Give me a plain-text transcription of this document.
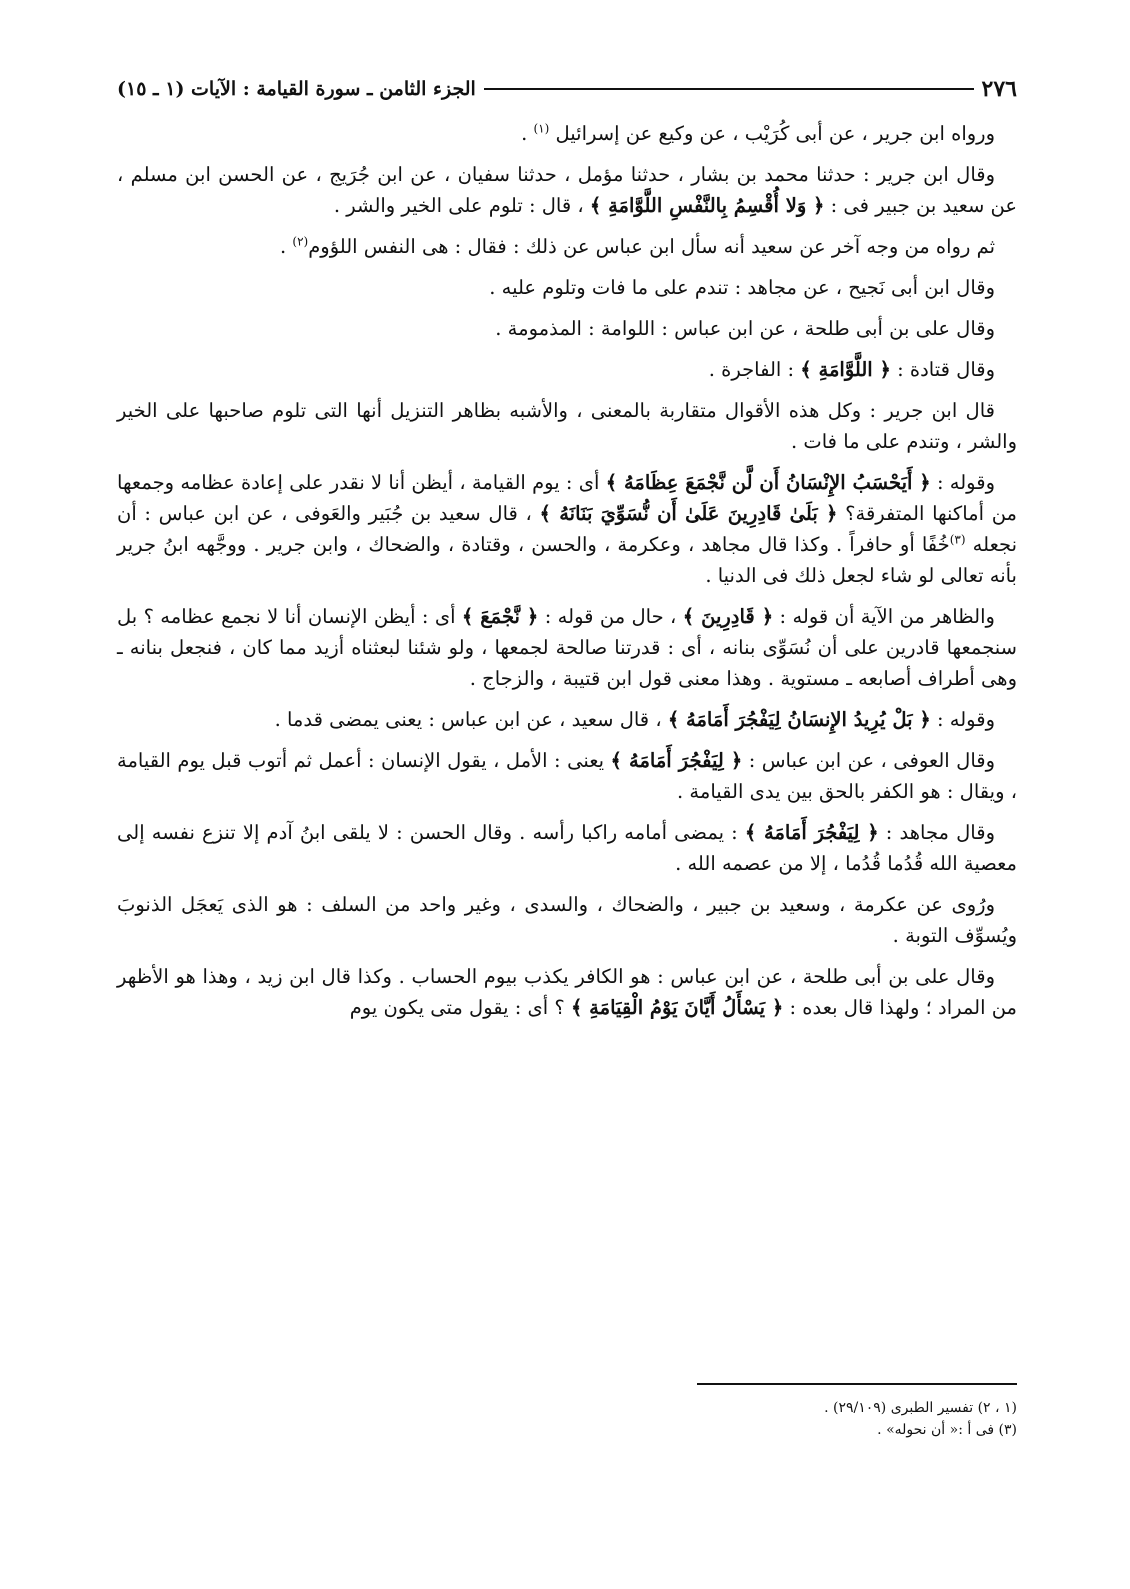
٢٧٦
الجزء الثامن ـ سورة القيامة : الآيات (١ ـ ١٥)

ورواه ابن جرير ، عن أبى كُرَيْب ، عن وكيع عن إسرائيل $^{(١)}$ .

وقال ابن جرير : حدثنا محمد بن بشار ، حدثنا مؤمل ، حدثنا سفيان ، عن ابن جُرَيج ، عن الحسن ابن مسلم ، عن سعيد بن جبير فى : ﴿ وَلا أُقْسِمُ بِالنَّفْسِ اللَّوَّامَةِ ﴾ ، قال : تلوم على الخير والشر .

ثم رواه من وجه آخر عن سعيد أنه سأل ابن عباس عن ذلك : فقال : هى النفس اللؤوم$^{(٢)}$ .

وقال ابن أبى نَجيح ، عن مجاهد : تندم على ما فات وتلوم عليه .

وقال على بن أبى طلحة ، عن ابن عباس : اللوامة : المذمومة .

وقال قتادة : ﴿ اللَّوَّامَةِ ﴾ : الفاجرة .

قال ابن جرير : وكل هذه الأقوال متقاربة بالمعنى ، والأشبه بظاهر التنزيل أنها التى تلوم صاحبها على الخير والشر ، وتندم على ما فات .

وقوله : ﴿ أَيَحْسَبُ الإِنْسَانُ أَن لَّن نَّجْمَعَ عِظَامَهُ ﴾ أى : يوم القيامة ، أيظن أنا لا نقدر على إعادة عظامه وجمعها من أماكنها المتفرقة؟ ﴿ بَلَىٰ قَادِرِينَ عَلَىٰ أَن نُّسَوِّيَ بَنَانَهُ ﴾ ، قال سعيد بن جُبَير والعَوفى ، عن ابن عباس : أن نجعله $^{(٣)}$خُفًا أو حافراً . وكذا قال مجاهد ، وعكرمة ، والحسن ، وقتادة ، والضحاك ، وابن جرير . ووجَّهه ابنُ جرير بأنه تعالى لو شاء لجعل ذلك فى الدنيا .

والظاهر من الآية أن قوله : ﴿ قَادِرِينَ ﴾ ، حال من قوله : ﴿ نَّجْمَعَ ﴾ أى : أيظن الإنسان أنا لا نجمع عظامه ؟ بل سنجمعها قادرين على أن نُسَوِّى بنانه ، أى : قدرتنا صالحة لجمعها ، ولو شئنا لبعثناه أزيد مما كان ، فنجعل بنانه ـ وهى أطراف أصابعه ـ مستوية . وهذا معنى قول ابن قتيبة ، والزجاج .

وقوله : ﴿ بَلْ يُرِيدُ الإِنسَانُ لِيَفْجُرَ أَمَامَهُ ﴾ ، قال سعيد ، عن ابن عباس : يعنى يمضى قدما .

وقال العوفى ، عن ابن عباس : ﴿ لِيَفْجُرَ أَمَامَهُ ﴾ يعنى : الأمل ، يقول الإنسان : أعمل ثم أتوب قبل يوم القيامة ، ويقال : هو الكفر بالحق بين يدى القيامة .

وقال مجاهد : ﴿ لِيَفْجُرَ أَمَامَهُ ﴾ : يمضى أمامه راكبا رأسه . وقال الحسن : لا يلقى ابنُ آدم إلا تنزع نفسه إلى معصية الله قُدُما قُدُما ، إلا من عصمه الله .

ورُوى عن عكرمة ، وسعيد بن جبير ، والضحاك ، والسدى ، وغير واحد من السلف : هو الذى يَعجَل الذنوبَ ويُسوِّف التوبة .

وقال على بن أبى طلحة ، عن ابن عباس : هو الكافر يكذب بيوم الحساب . وكذا قال ابن زيد ، وهذا هو الأظهر من المراد ؛ ولهذا قال بعده : ﴿ يَسْأَلُ أَيَّانَ يَوْمُ الْقِيَامَةِ ﴾ ؟ أى : يقول متى يكون يوم

(١ ، ٢) تفسير الطبرى (٢٩/١٠٩) .

(٣) فى أ :« أن نحوله» .
